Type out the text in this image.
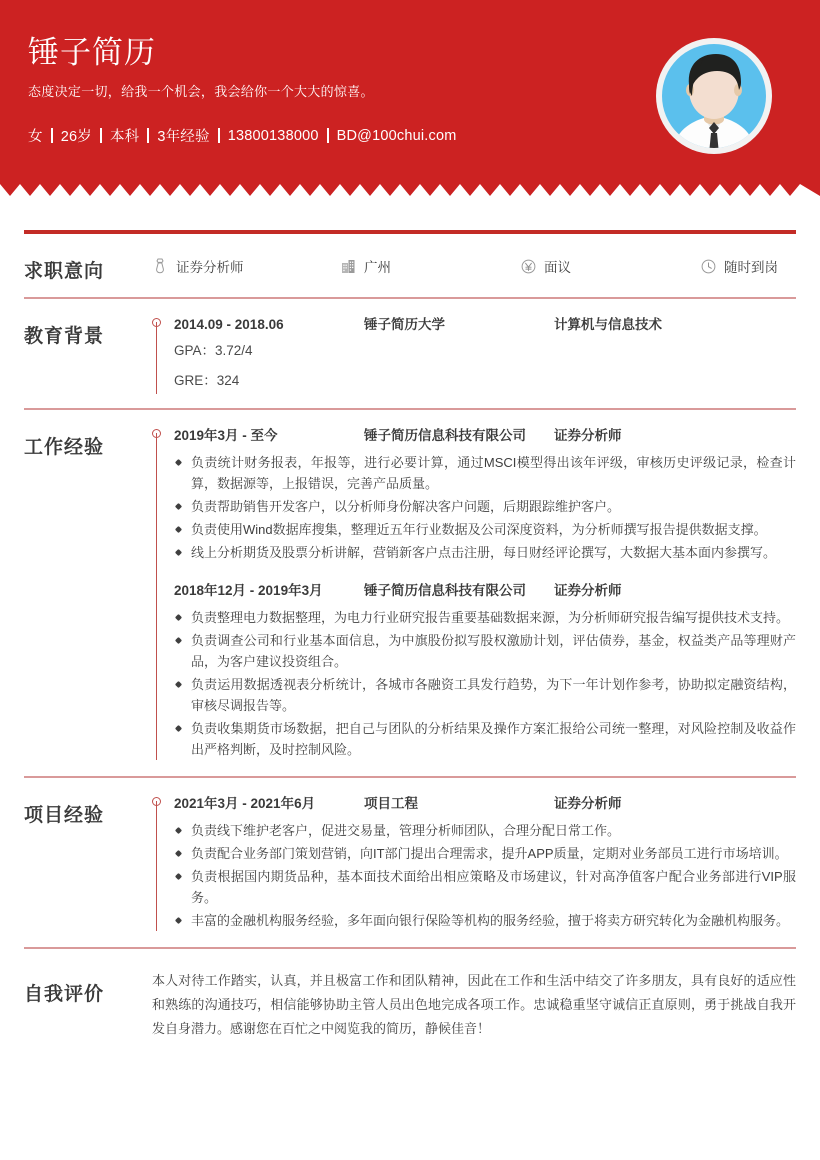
锤子简历
态度决定一切，给我一个机会，我会给你一个大大的惊喜。
女 26岁 本科 3年经验 13800138000 BD@100chui.com
求职意向	证券分析师	广州	面议	随时到岗
教育背景
2014.09 - 2018.06	锤子简历大学	计算机与信息技术
GPA：3.72/4
GRE：324
工作经验
2019年3月 - 至今	锤子简历信息科技有限公司	证券分析师
负责统计财务报表，年报等，进行必要计算，通过MSCI模型得出该年评级，审核历史评级记录，检查计算，数据源等，上报错误，完善产品质量。
负责帮助销售开发客户，以分析师身份解决客户问题，后期跟踪维护客户。
负责使用Wind数据库搜集，整理近五年行业数据及公司深度资料，为分析师撰写报告提供数据支撑。
线上分析期货及股票分析讲解，营销新客户点击注册，每日财经评论撰写，大数据大基本面内参撰写。
2018年12月 - 2019年3月	锤子简历信息科技有限公司	证券分析师
负责整理电力数据整理，为电力行业研究报告重要基础数据来源，为分析师研究报告编写提供技术支持。
负责调查公司和行业基本面信息，为中旗股份拟写股权激励计划，评估债券，基金，权益类产品等理财产品，为客户建议投资组合。
负责运用数据透视表分析统计，各城市各融资工具发行趋势，为下一年计划作参考，协助拟定融资结构，审核尽调报告等。
负责收集期货市场数据，把自己与团队的分析结果及操作方案汇报给公司统一整理，对风险控制及收益作出严格判断，及时控制风险。
项目经验
2021年3月 - 2021年6月	项目工程	证券分析师
负责线下维护老客户，促进交易量，管理分析师团队，合理分配日常工作。
负责配合业务部门策划营销，向IT部门提出合理需求，提升APP质量，定期对业务部员工进行市场培训。
负责根据国内期货品种，基本面技术面给出相应策略及市场建议，针对高净值客户配合业务部进行VIP服务。
丰富的金融机构服务经验，多年面向银行保险等机构的服务经验，擅于将卖方研究转化为金融机构服务。
自我评价
本人对待工作踏实，认真，并且极富工作和团队精神，因此在工作和生活中结交了许多朋友，具有良好的适应性和熟练的沟通技巧，相信能够协助主管人员出色地完成各项工作。忠诚稳重坚守诚信正直原则，勇于挑战自我开发自身潜力。感谢您在百忙之中阅览我的简历，静候佳音！
